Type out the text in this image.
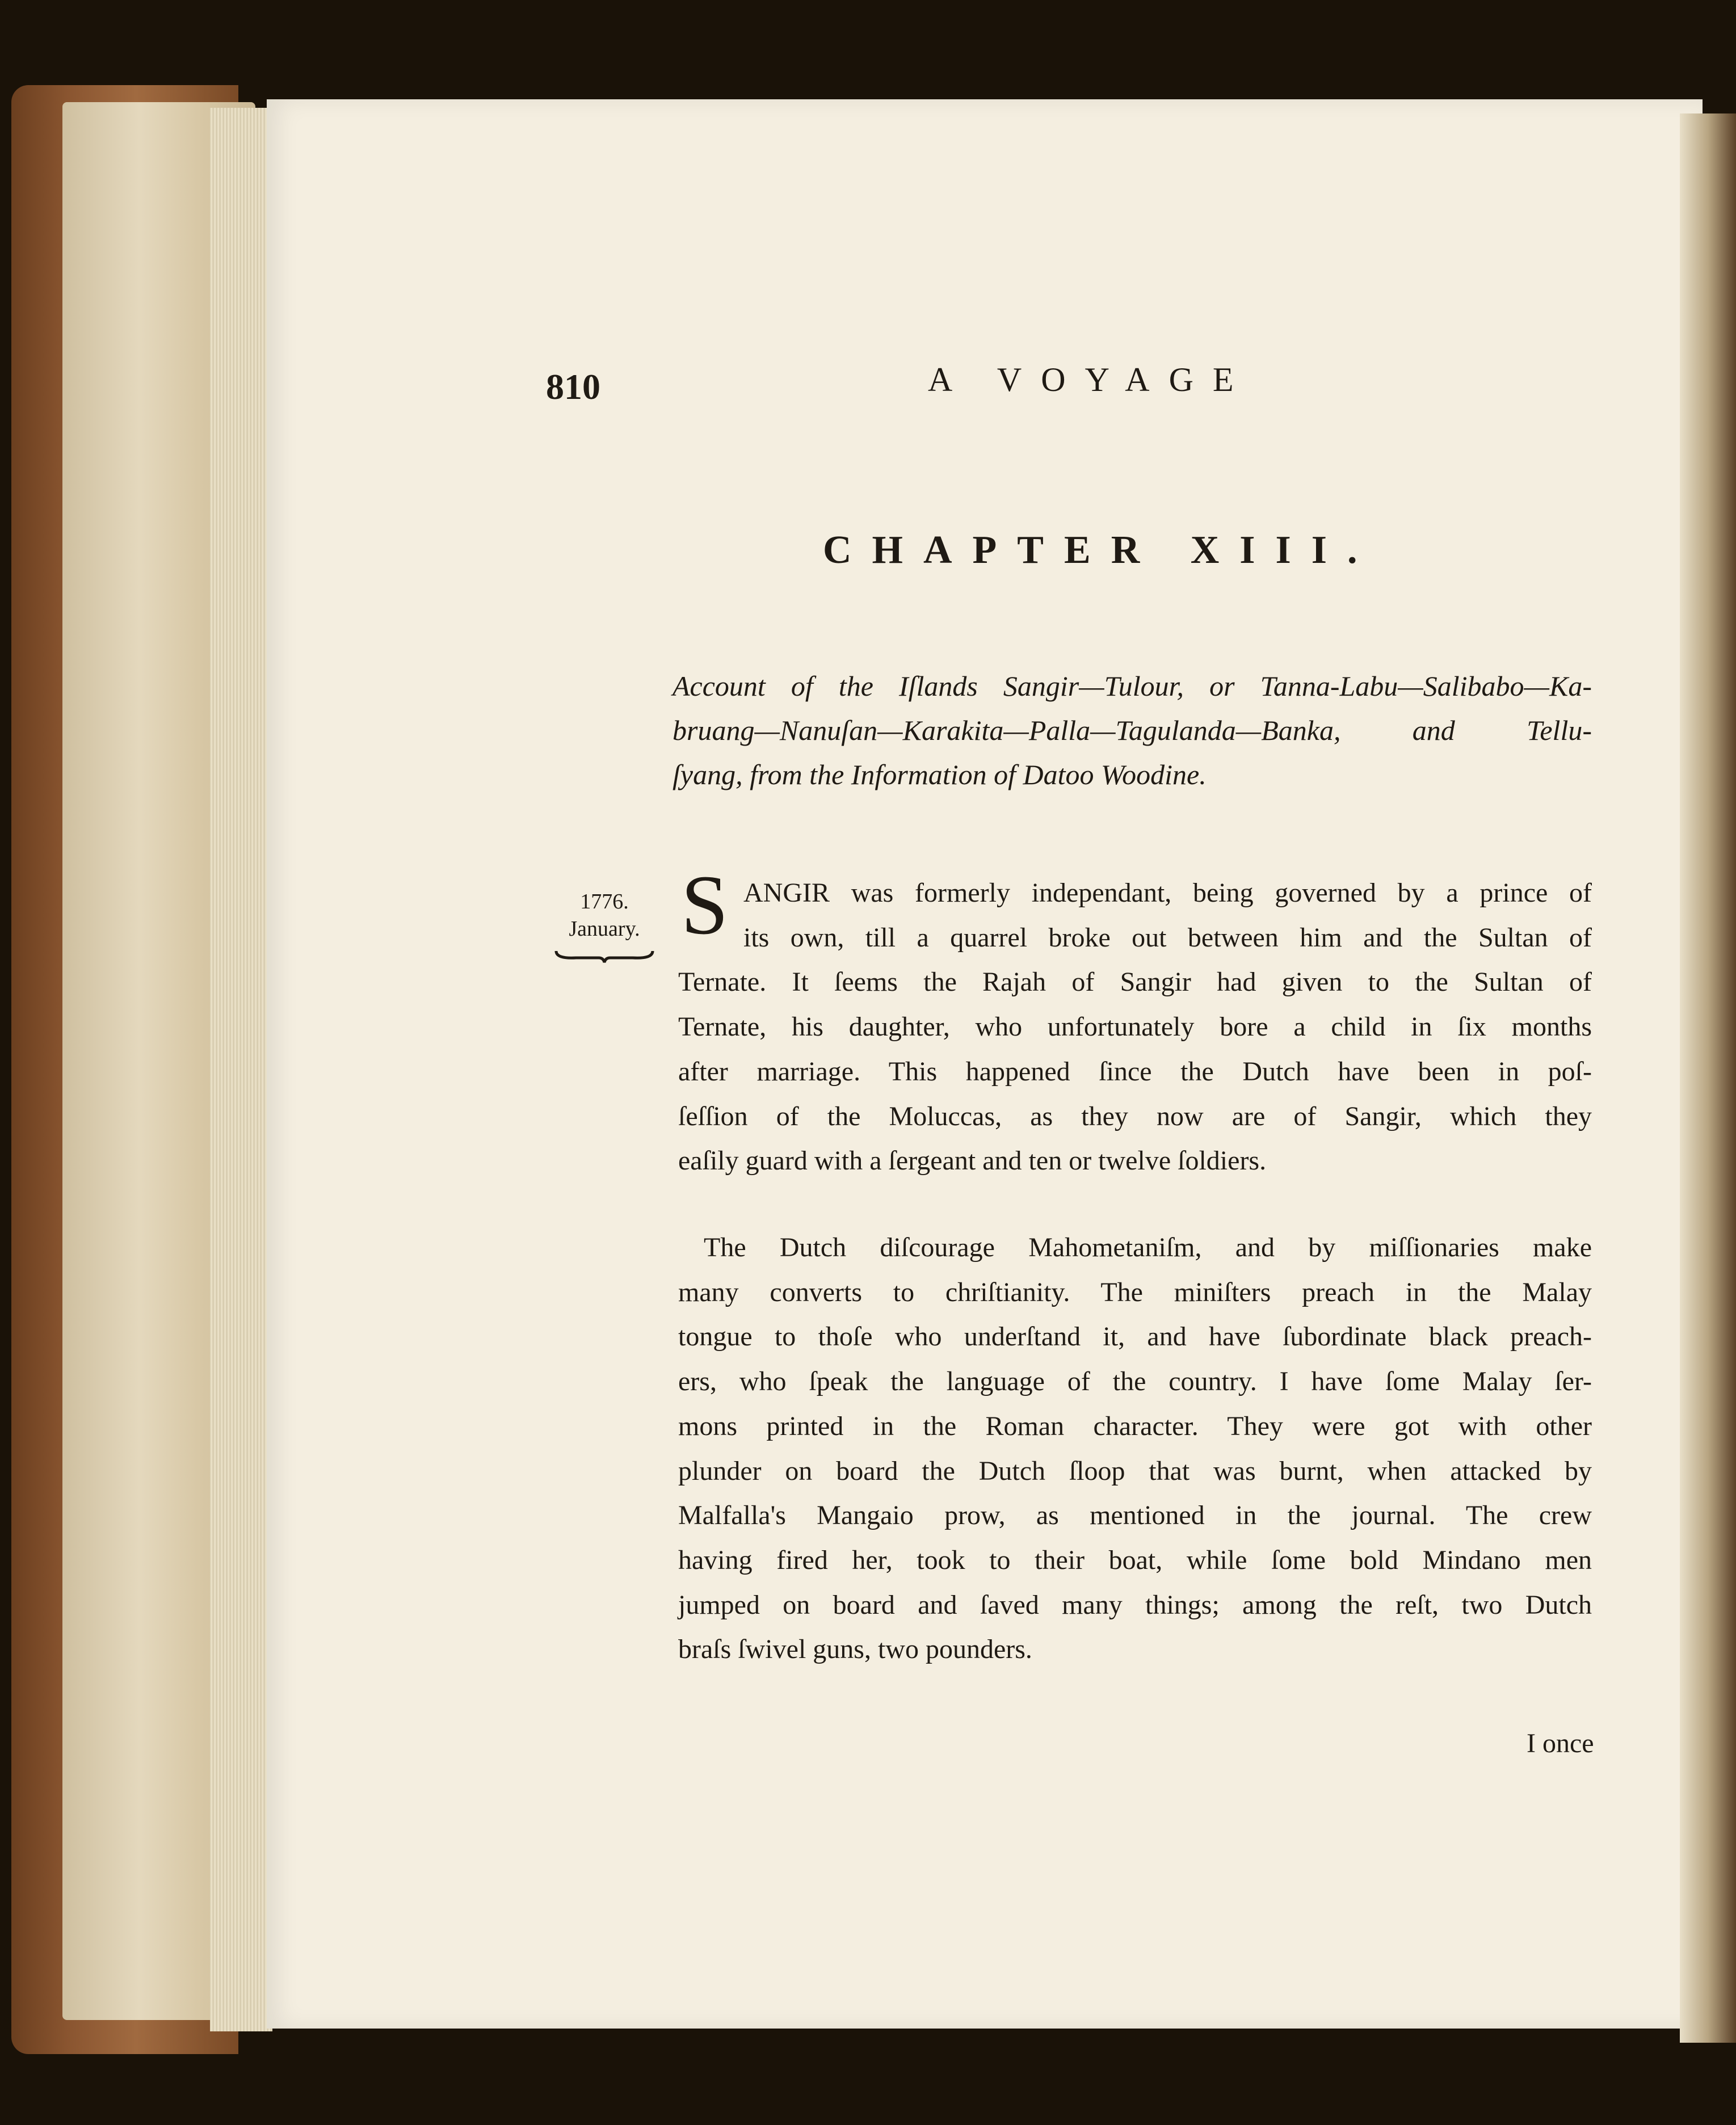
810	A VOYAGE
CHAPTER XIII.
Account of the Iſlands Sangir—Tulour, or Tanna-Labu—Salibabo—Ka-
bruang—Nanuſan—Karakita—Palla—Tagulanda—Banka, and Tellu-
ſyang, from the Information of Datoo Woodine.
1776.
January. S ANGIR was formerly independant, being governed by a prince of
its own, till a quarrel broke out between him and the Sultan of
Ternate. It ſeems the Rajah of Sangir had given to the Sultan of
Ternate, his daughter, who unfortunately bore a child in ſix months
after marriage. This happened ſince the Dutch have been in poſ-
ſeſſion of the Moluccas, as they now are of Sangir, which they
eaſily guard with a ſergeant and ten or twelve ſoldiers.
The Dutch diſcourage Mahometaniſm, and by miſſionaries make
many converts to chriſtianity. The miniſters preach in the Malay
tongue to thoſe who underſtand it, and have ſubordinate black preach-
ers, who ſpeak the language of the country. I have ſome Malay ſer-
mons printed in the Roman character. They were got with other
plunder on board the Dutch ſloop that was burnt, when attacked by
Malfalla's Mangaio prow, as mentioned in the journal. The crew
having fired her, took to their boat, while ſome bold Mindano men
jumped on board and ſaved many things; among the reſt, two Dutch
braſs ſwivel guns, two pounders.
I once
